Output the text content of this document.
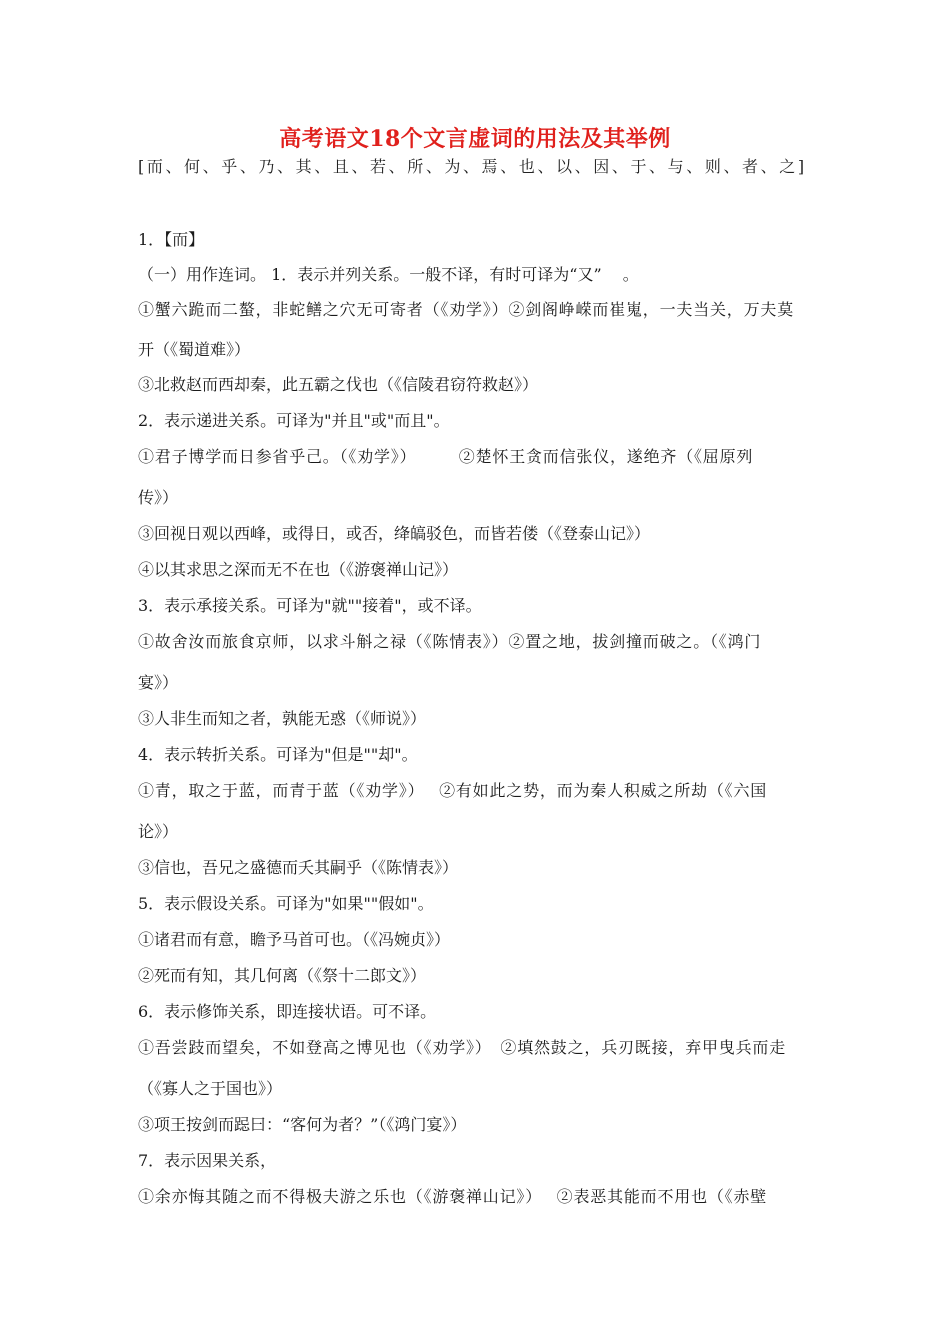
高考语文18个文言虚词的用法及其举例
[而、何、乎、乃、其、且、若、所、为、焉、也、以、因、于、与、则、者、之]
1．【而】
（一）用作连词。 1．表示并列关系。一般不译，有时可译为“又”　 。
①蟹六跪而二螯，非蛇鳝之穴无可寄者（《劝学》）②剑阁峥嵘而崔嵬，一夫当关，万夫莫
开（《蜀道难》）
③北救赵而西却秦，此五霸之伐也（《信陵君窃符救赵》）
2．表示递进关系。可译为"并且"或"而且"。
①君子博学而日参省乎己。（《劝学》）　　　②楚怀王贪而信张仪，遂绝齐（《屈原列
传》）
③回视日观以西峰，或得日，或否，绛皜驳色，而皆若偻（《登泰山记》）
④以其求思之深而无不在也（《游褒禅山记》）
3．表示承接关系。可译为"就""接着"，或不译。
①故舍汝而旅食京师，以求斗斛之禄（《陈情表》）②置之地，拔剑撞而破之。（《鸿门
宴》）
③人非生而知之者，孰能无惑（《师说》）
4．表示转折关系。可译为"但是""却"。
①青，取之于蓝，而青于蓝（《劝学》）　 ②有如此之势，而为秦人积威之所劫（《六国
论》）
③信也，吾兄之盛德而夭其嗣乎（《陈情表》）
5．表示假设关系。可译为"如果""假如"。
①诸君而有意，瞻予马首可也。（《冯婉贞》）
②死而有知，其几何离（《祭十二郎文》）
6．表示修饰关系，即连接状语。可不译。
①吾尝跂而望矣，不如登高之博见也（《劝学》）　②填然鼓之，兵刃既接，弃甲曳兵而走
（《寡人之于国也》）
③项王按剑而跽曰：“客何为者？”（《鸿门宴》）
7．表示因果关系，
①余亦悔其随之而不得极夫游之乐也（《游褒禅山记》）　 ②表恶其能而不用也（《赤壁
